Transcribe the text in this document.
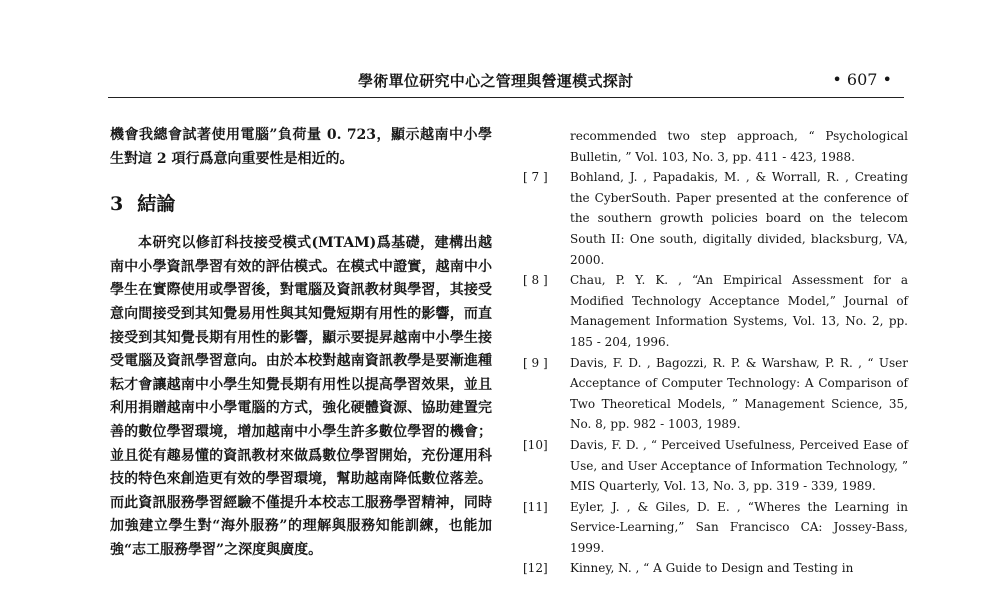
學術單位研究中心之管理與營運模式探討	• 607 •

機會我總會試著使用電腦”負荷量 0. 723，顯示越南中小學生對這 2 項行爲意向重要性是相近的。

3 結論

本研究以修訂科技接受模式(MTAM)爲基礎，建構出越南中小學資訊學習有效的評估模式。在模式中證實，越南中小學生在實際使用或學習後，對電腦及資訊教材與學習，其接受意向間接受到其知覺易用性與其知覺短期有用性的影響，而直接受到其知覺長期有用性的影響，顯示要提昇越南中小學生接受電腦及資訊學習意向。由於本校對越南資訊教學是要漸進種耘才會讓越南中小學生知覺長期有用性以提高學習效果，並且利用捐贈越南中小學電腦的方式，強化硬體資源、協助建置完善的數位學習環境，增加越南中小學生許多數位學習的機會；並且從有趣易懂的資訊教材來做爲數位學習開始，充份運用科技的特色來創造更有效的學習環境，幫助越南降低數位落差。而此資訊服務學習經驗不僅提升本校志工服務學習精神，同時加強建立學生對“海外服務”的理解與服務知能訓練，也能加強“志工服務學習”之深度與廣度。

recommended two step approach, “ Psychological Bulletin, ” Vol. 103, No. 3, pp. 411 - 423, 1988.
[ 7 ] Bohland, J. , Papadakis, M. , & Worrall, R. , Creating the CyberSouth. Paper presented at the conference of the southern growth policies board on the telecom South II: One south, digitally divided, blacksburg, VA, 2000.
[ 8 ] Chau, P. Y. K. , “An Empirical Assessment for a Modified Technology Acceptance Model,” Journal of Management Information Systems, Vol. 13, No. 2, pp. 185 - 204, 1996.
[ 9 ] Davis, F. D. , Bagozzi, R. P. & Warshaw, P. R. , “ User Acceptance of Computer Technology: A Comparison of Two Theoretical Models, ” Management Science, 35, No. 8, pp. 982 - 1003, 1989.
[10] Davis, F. D. , “ Perceived Usefulness, Perceived Ease of Use, and User Acceptance of Information Technology, ” MIS Quarterly, Vol. 13, No. 3, pp. 319 - 339, 1989.
[11] Eyler, J. , & Giles, D. E. , “Wheres the Learning in Service-Learning,” San Francisco CA: Jossey-Bass, 1999.
[12] Kinney, N. , “ A Guide to Design and Testing in
